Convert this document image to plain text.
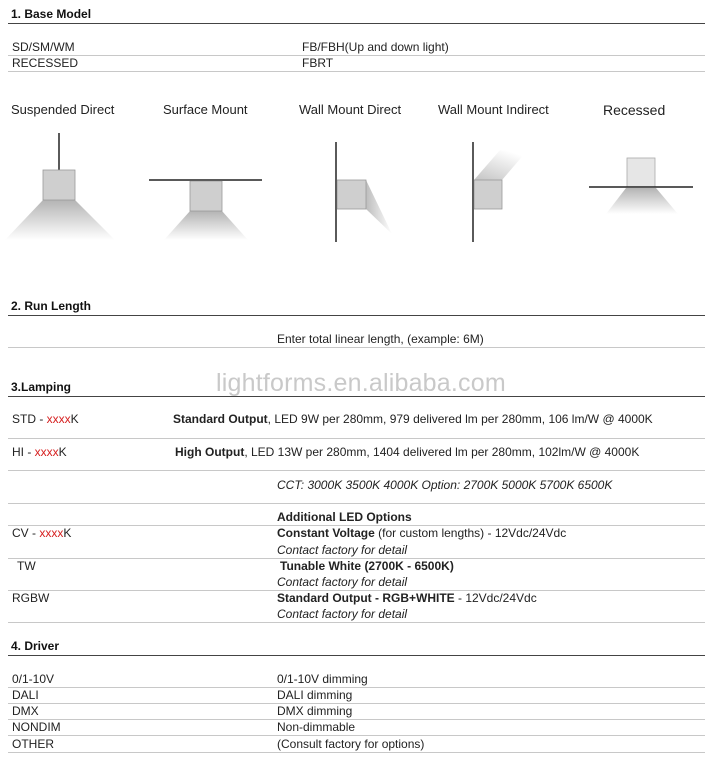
1. Base Model
SD/SM/WM	FB/FBH(Up and down light)
RECESSED	FBRT
Suspended Direct	Surface Mount	Wall Mount Direct	Wall Mount Indirect	Recessed
2. Run Length
Enter total linear length, (example: 6M)
lightforms.en.alibaba.com
3.Lamping
STD - xxxxK	Standard Output, LED 9W per 280mm, 979 delivered lm per 280mm, 106 lm/W @ 4000K
HI - xxxxK	High Output, LED 13W per 280mm, 1404 delivered lm per 280mm, 102lm/W @ 4000K
CCT: 3000K 3500K 4000K Option: 2700K 5000K 5700K 6500K
Additional LED Options
CV - xxxxK	Constant Voltage (for custom lengths) - 12Vdc/24Vdc
Contact factory for detail
TW	Tunable White (2700K - 6500K)
Contact factory for detail
RGBW	Standard Output - RGB+WHITE - 12Vdc/24Vdc
Contact factory for detail
4. Driver
0/1-10V	0/1-10V dimming
DALI	DALI dimming
DMX	DMX dimming
NONDIM	Non-dimmable
OTHER	(Consult factory for options)
